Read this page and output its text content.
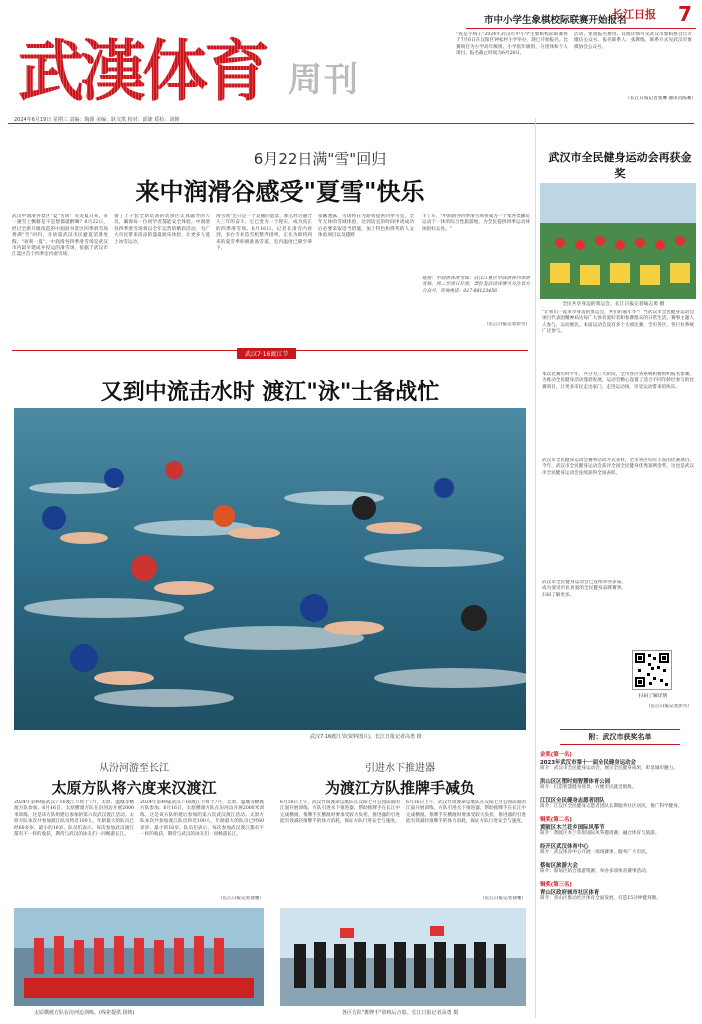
武漢体育 周刊
2024年6月19日 星期三 责编：陶源 美编：耿文凯 校对：邱婕 质检：刘婵
长江日报 7
市中小学生象棋校际联赛开始报名
"夜是小棋王"2024年武汉市中小学生象棋校际联赛将于7月6日在汉阳区钟家村小学举办，现已开始报名。比赛项目为小学高年级组、小学低年级组，分团体和个人项目。报名截止时间为6月28日。
活动、免收报名费用。其他详情可见武汉市象棋协会官方微信公众号。报名联系人：张教练，联系方式见武汉市象棋协会公众号。
（长江日报记者张琳 通讯员陈赛）
6月22日满"雪"回归
来中润滑谷感受"夏雪"快乐
武汉中润滑谷景区"夏"雪回！炎炎夏日来，来一趟雪上飘移是不是想都就醉啊？6月22日，经过全新升级改造的中润滑谷景区四季滑雪场将满"雪"回归，开放超武汉市民避夏消暑度假，"夜爽一夏"。中润滑谷四季滑雪场是武汉市内最早建成并投运的滑雪场，依据于武汉市江夏区首个四季室内滑雪场。
备了上千套全新装备的装备区认真辅导的人员，确保每一位初学者都能安全体验。中润滑谷四季滑雪场将以全年运营的精彩活动，为广大市民带来清凉的盛夏娱乐体验，让更多人爱上冰雪运动。
滑雪场"还只是一个美丽的愿景，那么经过趣合人三年的奋斗，它已变为一个现实，成为真正的四季滑雪场。6月16日，记者在滑雪内看到，多台专业造雪机整齐排列，正在为即将到来的夏雪季积极准备雪道，室内温度已降至零下。
张鹏透露，雪场将在为游客提供四季雪宜，全年无休的雪域体验，达到适宜的时间申请成功后必要采取适当措施，加上特色和得奖的人文体验项目以及越野
卡丁车，"中润滑谷四季滑雪场将成为一个集各类潮玩运动于一体的综合性旅游地，为全民提供四季运动休闲的好去处。"
链接：中润滑谷滑雪场：武汉江夏区中润滑谷四季滑雪场，周二至周日开放，票价及活动详情可关注官方公众号。咨询电话：027-88123456
（长江日报记者彭雪）
武汉7·16渡江节
又到中流击水时 渡江"泳"士备战忙
武汉7·16渡江节(资料图片)。长江日报记者高勇 摄
从汾河游至长江
太原方队将六度来汉渡江
2024年第49届武汉7·16渡江节将于7月，太原、温城等横渡方队参加。6月16日，太原横渡方队在汾河边开展2000米训练，这是该方队组建后参加的第六次武汉渡江活动。太原方队本次共参加渡江队员将近100人，年龄最大的队员已经60多岁，最小的16岁。队员们表示，每次参加武汉渡江都有不一样的收获，期待与武汉的泳友们一同畅游长江。
2024年第49届武汉7·16渡江节将于7月，太原、温城等横渡方队参加。6月16日，太原横渡方队在汾河边开展2000米训练，这是该方队组建后参加的第六次武汉渡江活动。太原方队本次共参加渡江队员将近100人，年龄最大的队员已经60多岁，最小的16岁。队员们表示，每次参加武汉渡江都有不一样的收获，期待与武汉的泳友们一同畅游长江。
（长江日报记者徐驰）
太原横渡方队在汾河边训练。(线索提供 段铸)
引进水下推进器
为渡江方队推牌手减负
6月16日上午，武汉竹筒渡命运航队在汉阳七月公园前面的江面开展训练，方队引进水下推进器，帮助推牌手在长江中完成横渡。推牌手在横渡时要承受较大负担，推进器的引进能有效减轻推牌手的体力消耗，保证方队行进安全与速度。
6月16日上午，武汉竹筒渡命运航队在汉阳七月公园前面的江面开展训练，方队引进水下推进器，帮助推牌手在长江中完成横渡。推牌手在横渡时要承受较大负担，推进器的引进能有效减轻推牌手的体力消耗，保证方队行进安全与速度。
（长江日报记者徐驰）
各区方队"推牌手"训练后合影。长江日报记者高勇 摄
武汉市全民健身运动会再获金奖
全民共享身边的奥运会。长江日报记者喻志勇 摄
"让我们一起来享身边的奥运会，共们的嘉年华"！当武汉市全民健身运动会项目代表团精神局达每广大体育爱好者和参赛群众的日常生活。赛事主题人人参与，运动惠民。本届运动会设有多个大项比赛，全市各区、各行业系统广泛参与。
本次比赛历时半年，共分为三大阶段，全市各区各系统积极组织报名参赛。为推动全民健身活动蓬勃发展，运动会精心设置了适合不同年龄层参与的比赛项目，让更多市民走出家门，走进运动场，享受运动带来的快乐。
武汉市全民健身运动会赛事活动方式多样，全市各区均有丰富的比赛项目。今年，武汉市全民健身运动会获评全国全民健身优秀案例金奖，这也是武汉市全民健身运动会连续获得全国表彰。
武汉市全民健身运动会已连续举办多届，成为深受市民喜爱的全民健身品牌赛事。扫码了解更多。
扫码了解详情
（长江日报记者彭雪）
附：武汉市获奖名单
金奖(第一名)
2023年武汉市第十一届全民健身运动会
简介：武汉市全民健身运动会，展示全民健身成果，彰显城市魅力。
洪山区区塑时刻智慧体育公园
简介：打造智慧健身场景，方便市民就近锻炼。
江汉区全民健身志愿者团队
简介：江汉区全民健身志愿者团队长期服务社区居民，推广科学健身。
铜奖(第二名)
黄陂区木兰花乡国际风筝节
简介：黄陂区木兰草原国际风筝邀请赛，融合体育与旅游。
经开区武汉体育中心
简介：武汉体育中心开展一场场赛事，服务广大市民。
蔡甸区旅游大会
简介：蔡甸区结合旅游资源，举办多项体育赛事活动。
铜奖(第三名)
青山区政府城市社区体育
简介：青山区推动社区体育全面发展，打造15分钟健身圈。
